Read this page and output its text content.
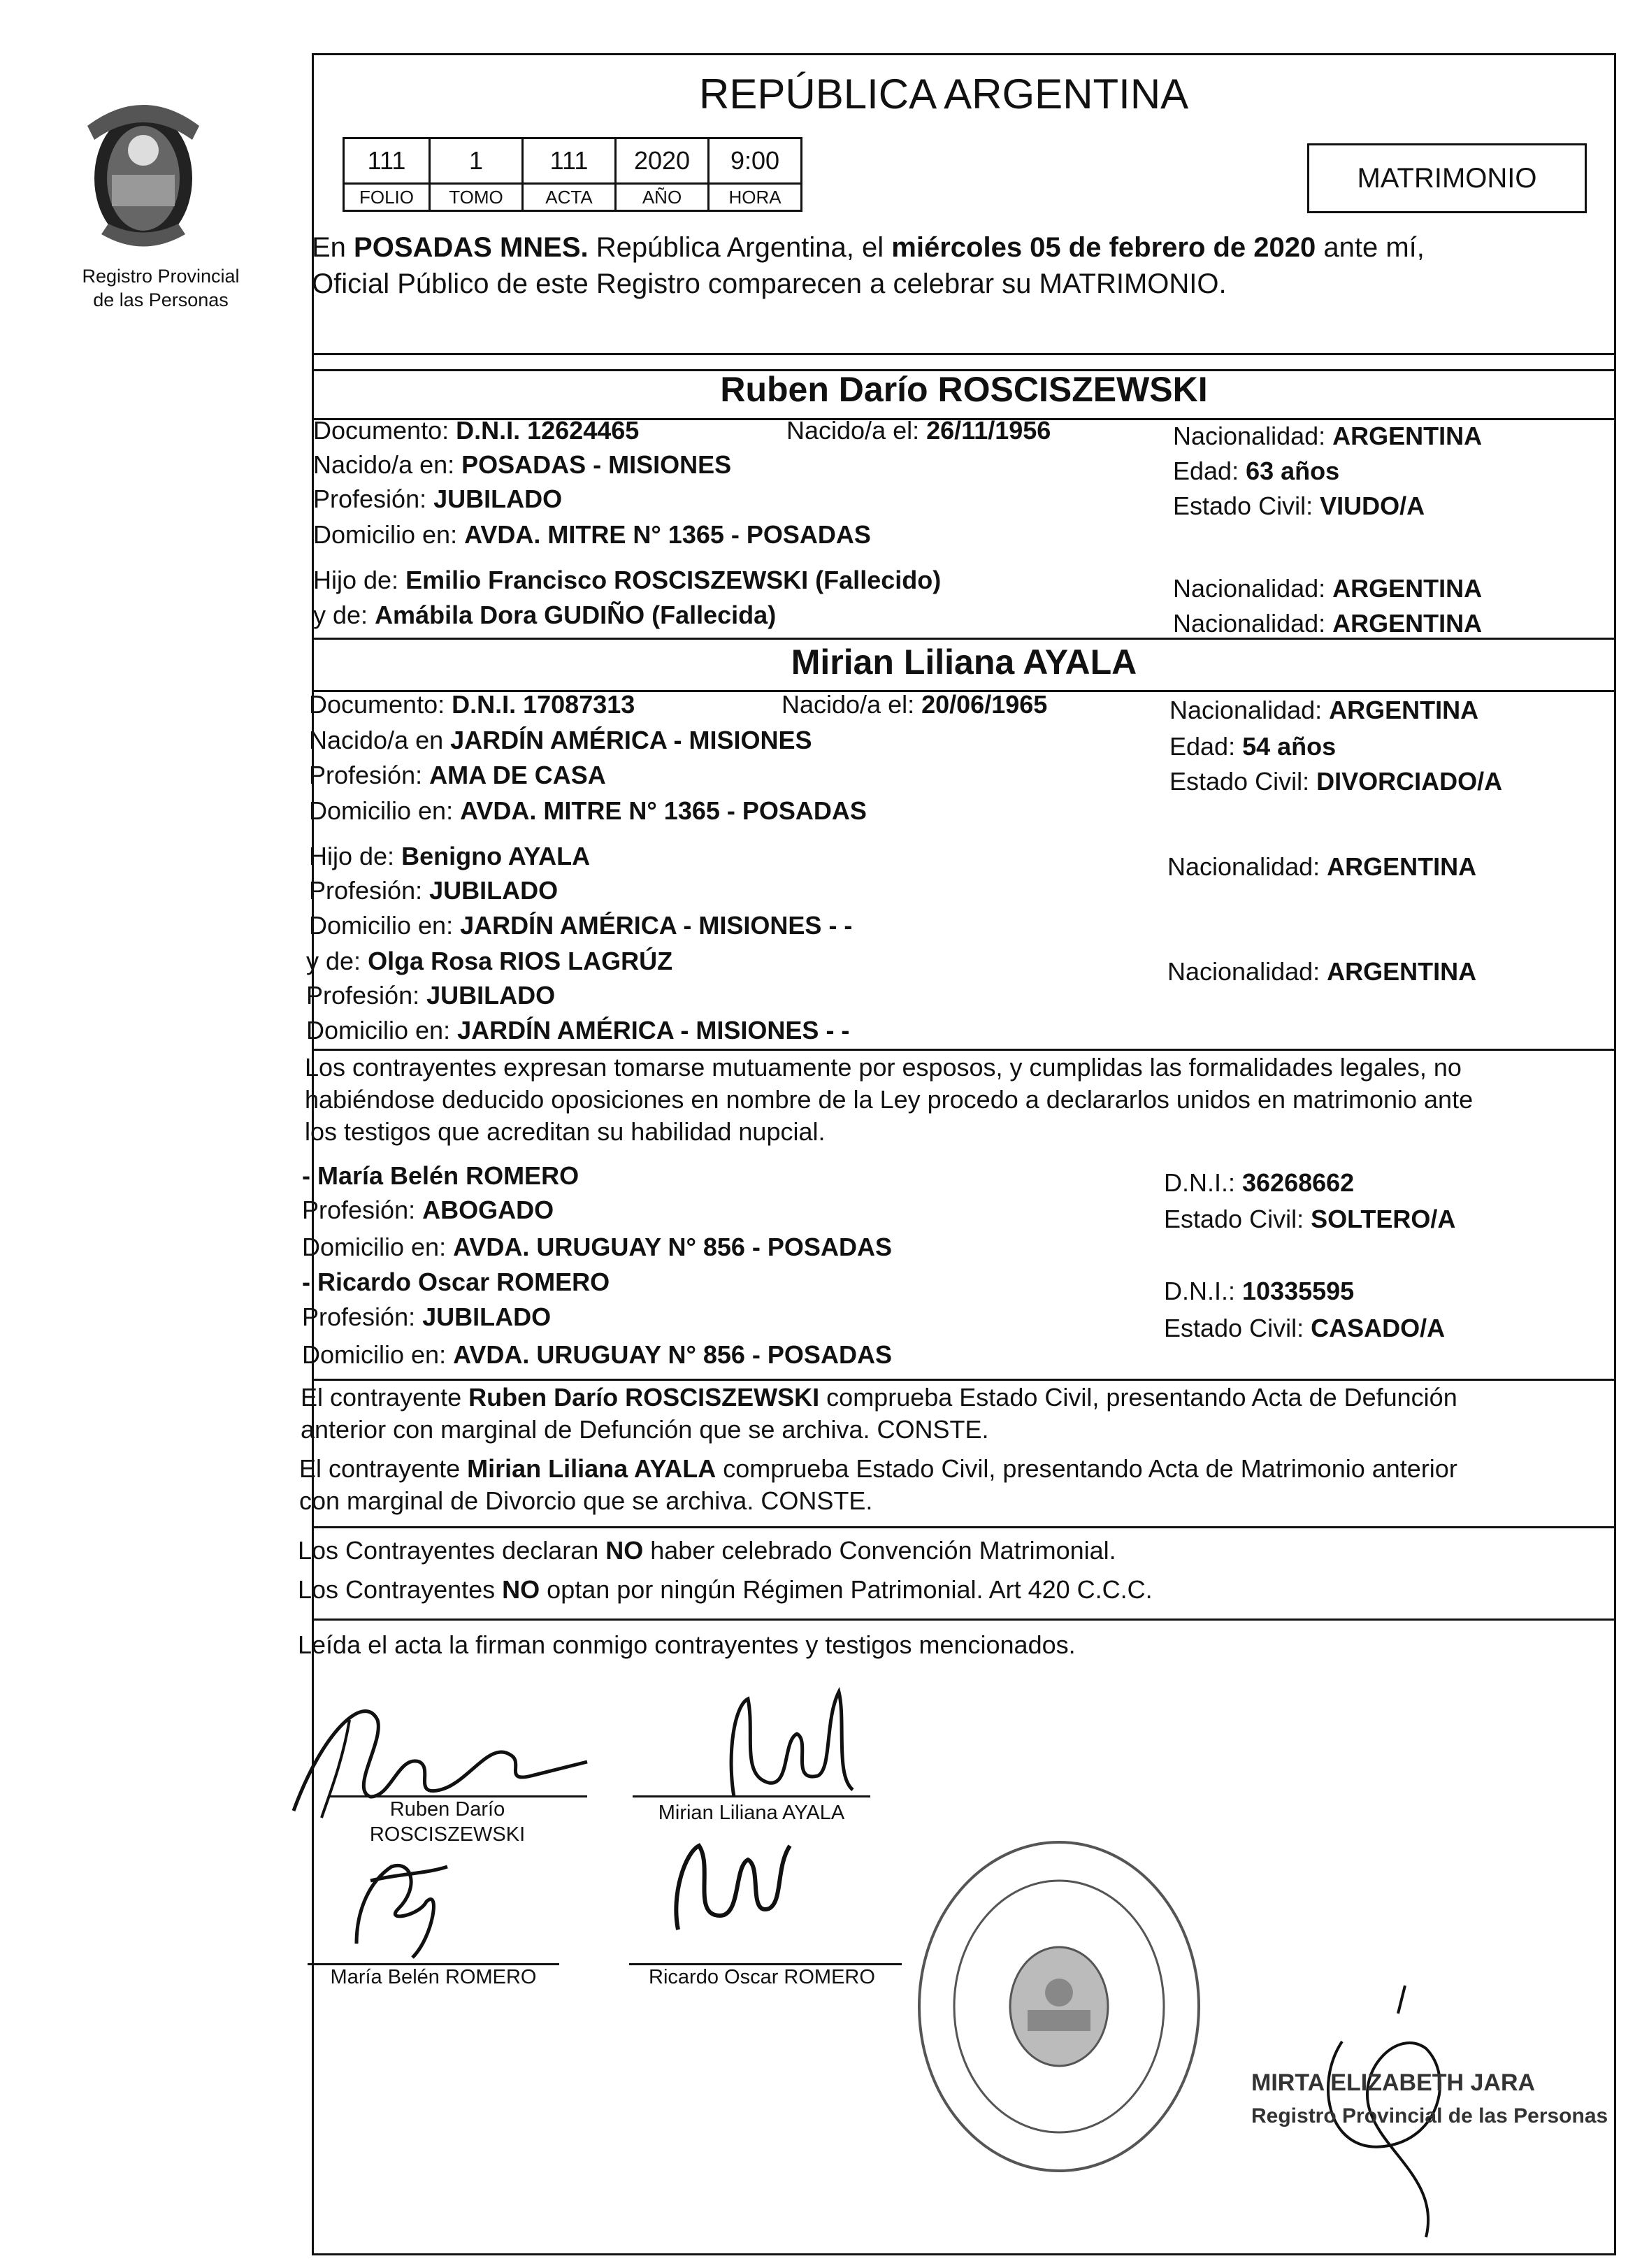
Registro Provincial
de las Personas
REPÚBLICA ARGENTINA
111	1	111	2020	9:00
FOLIO	TOMO	ACTA	AÑO	HORA
MATRIMONIO
En POSADAS MNES. República Argentina, el miércoles 05 de febrero de 2020 ante mí,
Oficial Público de este Registro comparecen a celebrar su MATRIMONIO.
Ruben Darío ROSCISZEWSKI
Documento: D.N.I. 12624465	Nacido/a el: 26/11/1956	Nacionalidad: ARGENTINA
Nacido/a en: POSADAS - MISIONES	Edad: 63 años
Profesión: JUBILADO	Estado Civil: VIUDO/A
Domicilio en: AVDA. MITRE N° 1365 - POSADAS
Hijo de: Emilio Francisco ROSCISZEWSKI (Fallecido)	Nacionalidad: ARGENTINA
y de: Amábila Dora GUDIÑO (Fallecida)	Nacionalidad: ARGENTINA
Mirian Liliana AYALA
Documento: D.N.I. 17087313	Nacido/a el: 20/06/1965	Nacionalidad: ARGENTINA
Nacido/a en JARDÍN AMÉRICA - MISIONES	Edad: 54 años
Profesión: AMA DE CASA	Estado Civil: DIVORCIADO/A
Domicilio en: AVDA. MITRE N° 1365 - POSADAS
Hijo de: Benigno AYALA	Nacionalidad: ARGENTINA
Profesión: JUBILADO
Domicilio en: JARDÍN AMÉRICA - MISIONES - -
y de: Olga Rosa RIOS LAGRÚZ	Nacionalidad: ARGENTINA
Profesión: JUBILADO
Domicilio en: JARDÍN AMÉRICA - MISIONES - -
Los contrayentes expresan tomarse mutuamente por esposos, y cumplidas las formalidades legales, no
habiéndose deducido oposiciones en nombre de la Ley procedo a declararlos unidos en matrimonio ante
los testigos que acreditan su habilidad nupcial.
- María Belén ROMERO	D.N.I.: 36268662
Profesión: ABOGADO	Estado Civil: SOLTERO/A
Domicilio en: AVDA. URUGUAY N° 856 - POSADAS
- Ricardo Oscar ROMERO	D.N.I.: 10335595
Profesión: JUBILADO	Estado Civil: CASADO/A
Domicilio en: AVDA. URUGUAY N° 856 - POSADAS
El contrayente Ruben Darío ROSCISZEWSKI comprueba Estado Civil, presentando Acta de Defunción
anterior con marginal de Defunción que se archiva. CONSTE.
El contrayente Mirian Liliana AYALA comprueba Estado Civil, presentando Acta de Matrimonio anterior
con marginal de Divorcio que se archiva. CONSTE.
Los Contrayentes declaran NO haber celebrado Convención Matrimonial.
Los Contrayentes NO optan por ningún Régimen Patrimonial. Art 420 C.C.C.
Leída el acta la firman conmigo contrayentes y testigos mencionados.
Ruben Darío
ROSCISZEWSKI
Mirian Liliana AYALA
María Belén ROMERO	Ricardo Oscar ROMERO
MIRTA ELIZABETH JARA
Registro Provincial de las Personas
